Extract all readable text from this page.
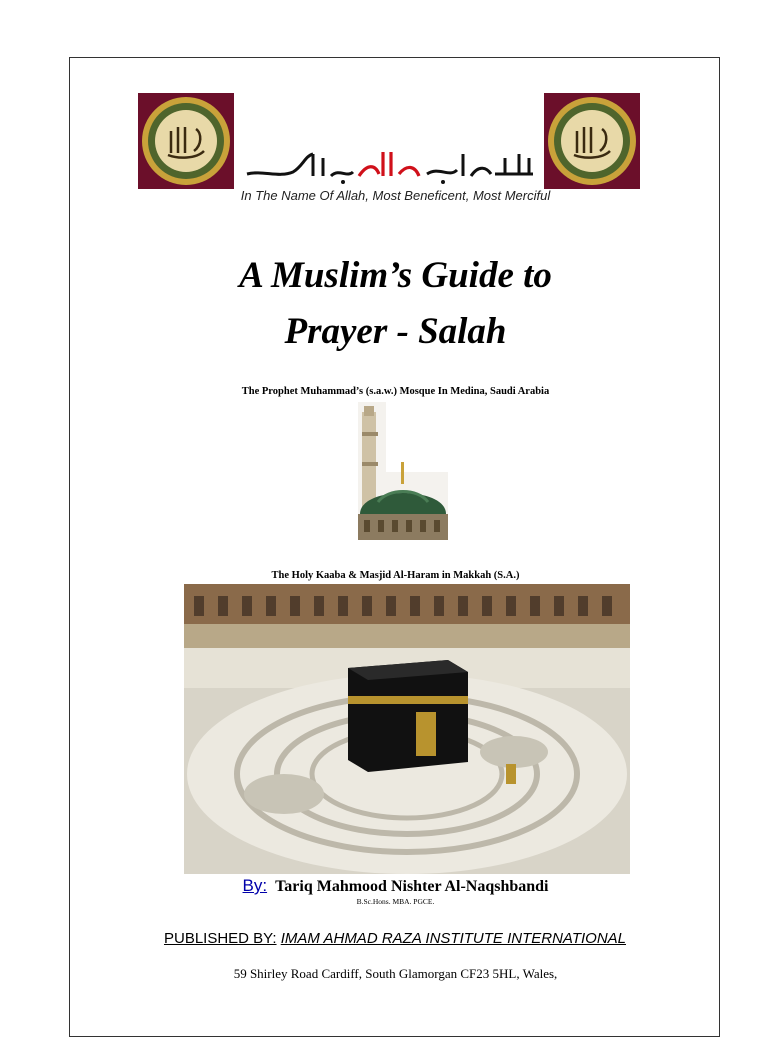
In The Name Of Allah, Most Beneficent, Most Merciful
A Muslim’s Guide to
Prayer - Salah
The Prophet Muhammad’s (s.a.w.) Mosque In Medina, Saudi Arabia
The Holy Kaaba & Masjid Al-Haram in Makkah (S.A.)
By: Tariq Mahmood Nishter Al-Naqshbandi
B.Sc.Hons. MBA. PGCE.
PUBLISHED BY: IMAM AHMAD RAZA INSTITUTE INTERNATIONAL
59 Shirley Road Cardiff, South Glamorgan CF23 5HL, Wales,
